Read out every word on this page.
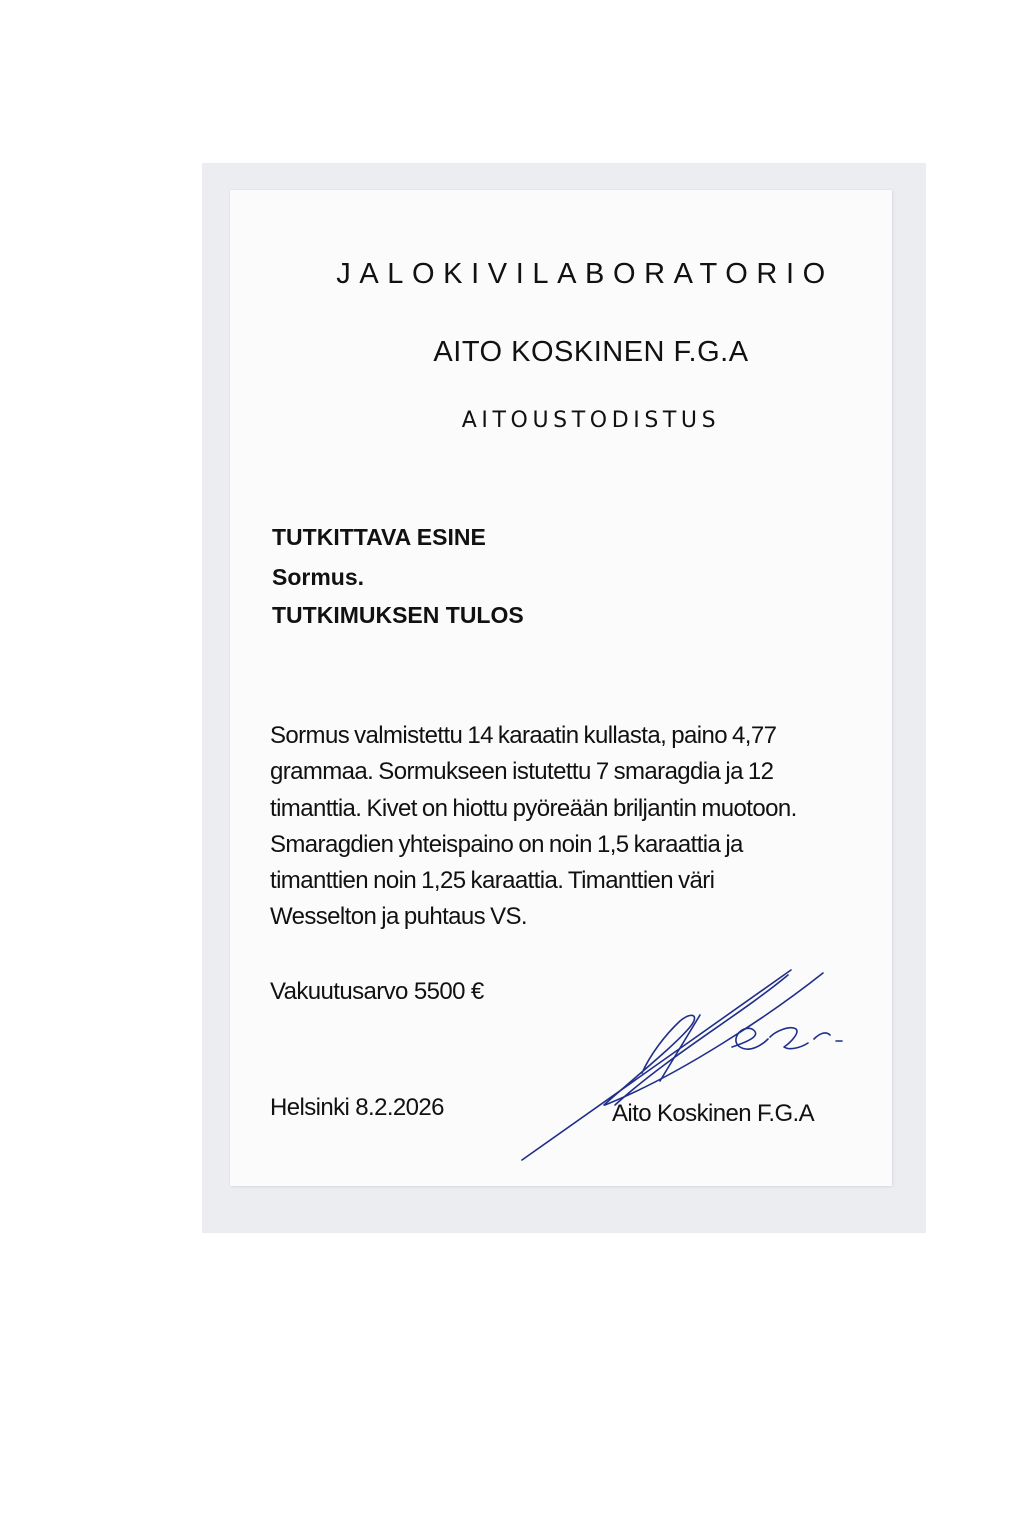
JALOKIVILABORATORIO
AITO KOSKINEN F.G.A
AITOUSTODISTUS
TUTKITTAVA ESINE
Sormus.
TUTKIMUKSEN TULOS
Sormus valmistettu 14 karaatin kullasta, paino 4,77
grammaa. Sormukseen istutettu 7 smaragdia ja 12
timanttia. Kivet on hiottu pyöreään briljantin muotoon.
Smaragdien yhteispaino on noin 1,5 karaattia ja
timanttien noin 1,25 karaattia. Timanttien väri
Wesselton ja puhtaus VS.
Vakuutusarvo 5500 €
Helsinki 8.2.2026	Aito Koskinen F.G.A
